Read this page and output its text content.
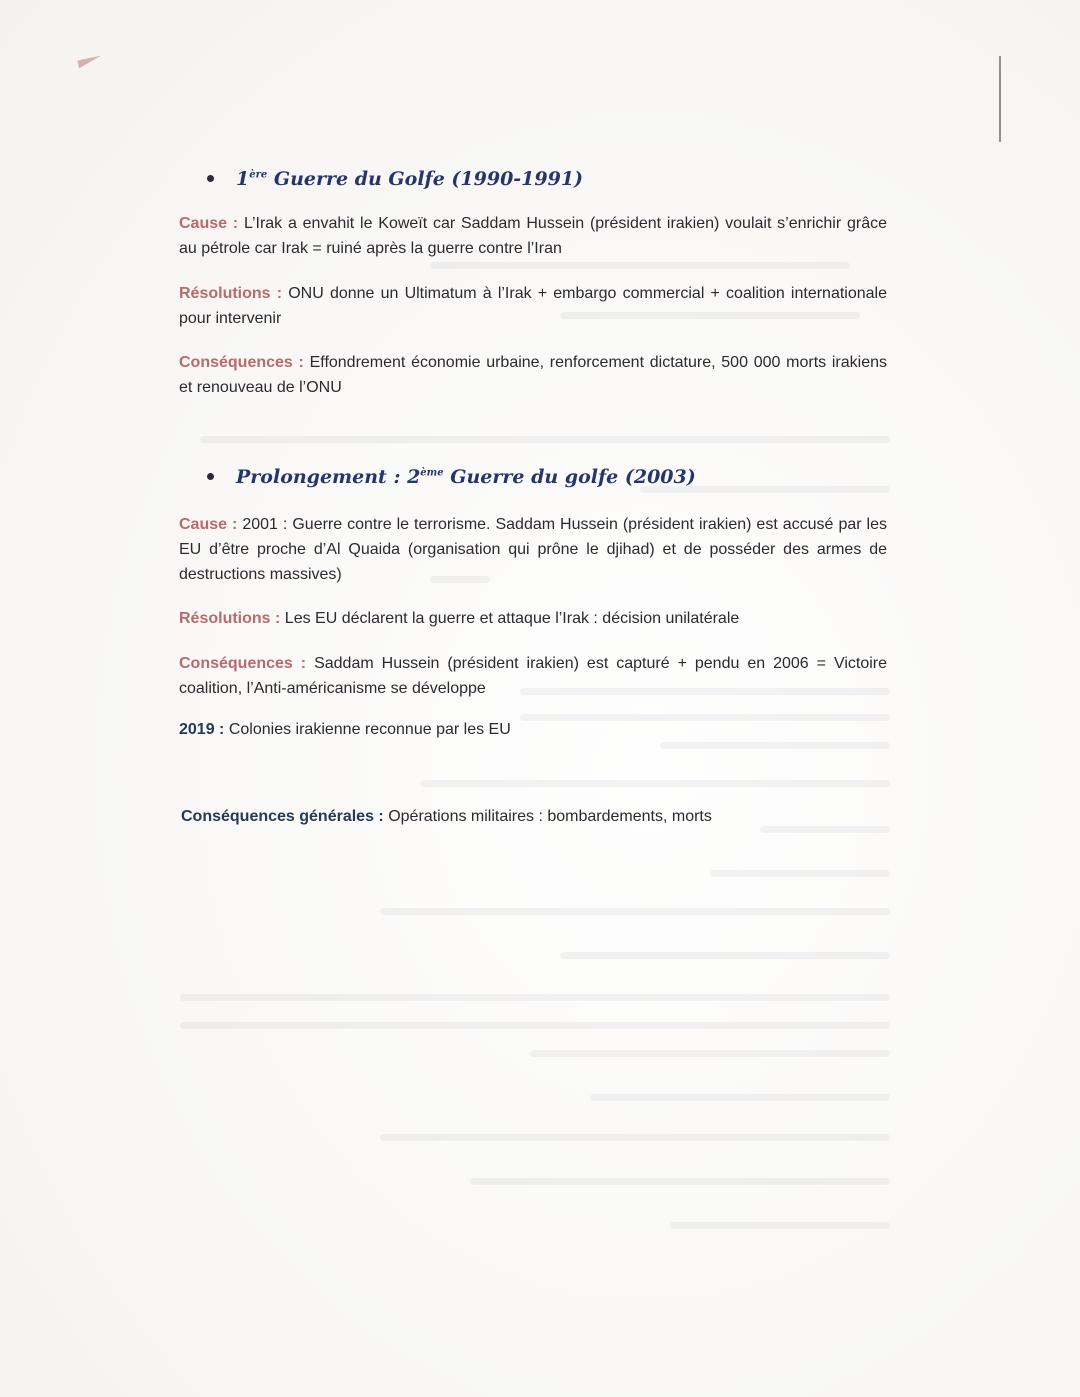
1ère Guerre du Golfe (1990-1991)
Cause : L’Irak a envahit le Koweït car Saddam Hussein (président irakien) voulait s’enrichir grâce au pétrole car Irak = ruiné après la guerre contre l’Iran
Résolutions : ONU donne un Ultimatum à l’Irak + embargo commercial + coalition internationale pour intervenir
Conséquences : Effondrement économie urbaine, renforcement dictature, 500 000 morts irakiens et renouveau de l’ONU
Prolongement : 2ème Guerre du golfe (2003)
Cause : 2001 : Guerre contre le terrorisme. Saddam Hussein (président irakien) est accusé par les EU d’être proche d’Al Quaida (organisation qui prône le djihad) et de posséder des armes de destructions massives)
Résolutions : Les EU déclarent la guerre et attaque l’Irak : décision unilatérale
Conséquences : Saddam Hussein (président irakien) est capturé + pendu en 2006 = Victoire coalition, l’Anti-américanisme se développe
2019 : Colonies irakienne reconnue par les EU
Conséquences générales : Opérations militaires : bombardements, morts
